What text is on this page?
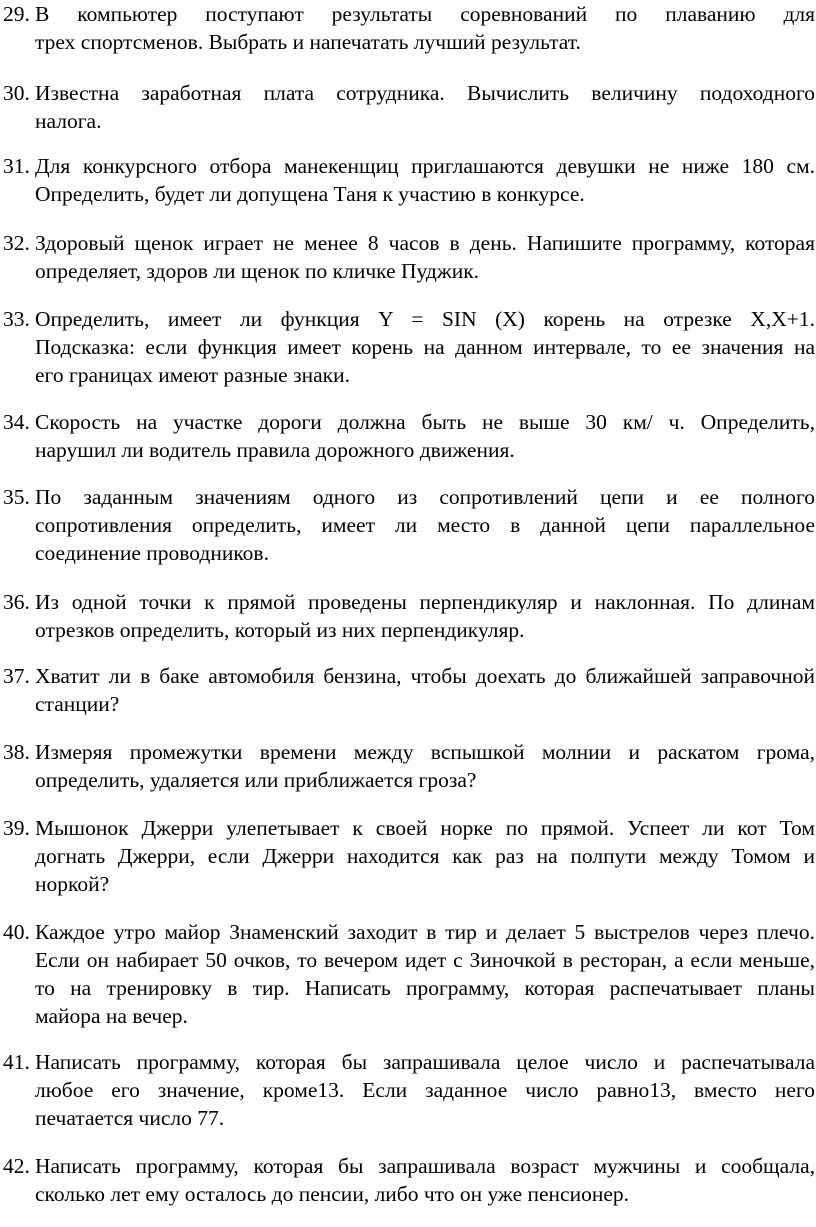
29. В компьютер поступают результаты соревнований по плаванию для
трех спортсменов. Выбрать и напечатать лучший результат.
30. Известна заработная плата сотрудника. Вычислить величину подоходного
налога.
31. Для конкурсного отбора манекенщиц приглашаются девушки не ниже 180 см.
Определить, будет ли допущена Таня к участию в конкурсе.
32. Здоровый щенок играет не менее 8 часов в день. Напишите программу, которая
определяет, здоров ли щенок по кличке Пуджик.
33. Определить, имеет ли функция Y = SIN (X) корень на отрезке X,X+1.
Подсказка: если функция имеет корень на данном интервале, то ее значения на
его границах имеют разные знаки.
34. Скорость на участке дороги должна быть не выше 30 км/ ч. Определить,
нарушил ли водитель правила дорожного движения.
35. По заданным значениям одного из сопротивлений цепи и ее полного
сопротивления определить, имеет ли место в данной цепи параллельное
соединение проводников.
36. Из одной точки к прямой проведены перпендикуляр и наклонная. По длинам
отрезков определить, который из них перпендикуляр.
37. Хватит ли в баке автомобиля бензина, чтобы доехать до ближайшей заправочной
станции?
38. Измеряя промежутки времени между вспышкой молнии и раскатом грома,
определить, удаляется или приближается гроза?
39. Мышонок Джерри улепетывает к своей норке по прямой. Успеет ли кот Том
догнать Джерри, если Джерри находится как раз на полпути между Томом и
норкой?
40. Каждое утро майор Знаменский заходит в тир и делает 5 выстрелов через плечо.
Если он набирает 50 очков, то вечером идет с Зиночкой в ресторан, а если меньше,
то на тренировку в тир. Написать программу, которая распечатывает планы
майора на вечер.
41. Написать программу, которая бы запрашивала целое число и распечатывала
любое его значение, кроме13. Если заданное число равно13, вместо него
печатается число 77.
42. Написать программу, которая бы запрашивала возраст мужчины и сообщала,
сколько лет ему осталось до пенсии, либо что он уже пенсионер.
